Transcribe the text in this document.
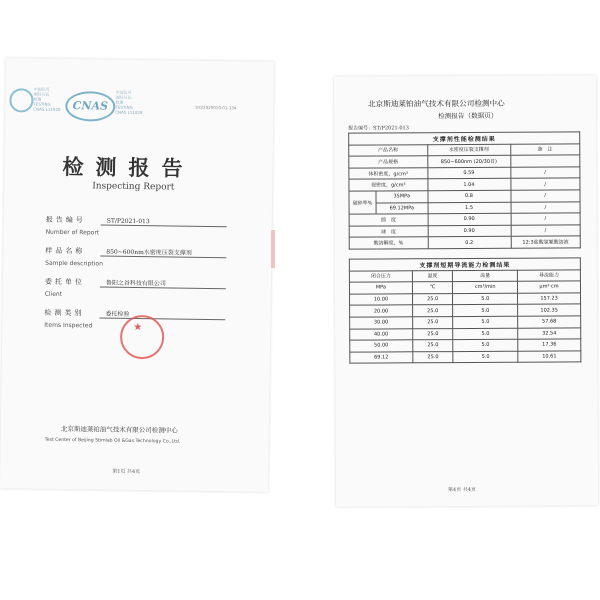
中国认可
国际互认
检测
TESTING
CNAS L11828	CNAS
中国认可
国际互认
检测
TESTING
CNAS L11828
SYZ2020010-01-134
检测报告
Inspecting Report
报告编号	ST/P2021-013
Number of Report
样品名称	850~600nm水密度压裂支撑剂
Sample description
委托单位	鲁阳之谷科技有限公司
Client
检测类别	委托检验
Items Inspected	★
北京斯迪莱铂油气技术有限公司检测中心
Test Center of Beijing Stimlab Oil &Gas Technology Co.,Ltd.
第1页 共4页
北京斯迪莱铂油气技术有限公司检测中心
检测报告（数据页）
报告编号：ST/P2021-013
支撑剂性能检测结果			
产品名称		水密度压裂支撑剂	备　注
产品规格		850~600nm (20/30目)	
体积密度，g/cm³		0.59	/
视密度，g/cm³		1.04	/
破碎率%	35MPa	0.8	/
	69.12MPa	1.5	/
圆　度		0.90	/
球　度		0.90	/
酸溶解度，%		0.2	12:3盐酸氢氟酸溶液
支撑剂短期导流能力检测结果			
闭合压力	温度	流量	导流能力
MPa	℃	cm³/min	μm²·cm
10.00	25.0	5.0	157.23
20.00	25.0	5.0	102.35
30.00	25.0	5.0	57.68
40.00	25.0	5.0	32.54
50.00	25.0	5.0	17.36
69.12	25.0	5.0	10.61
第4页 共4页
